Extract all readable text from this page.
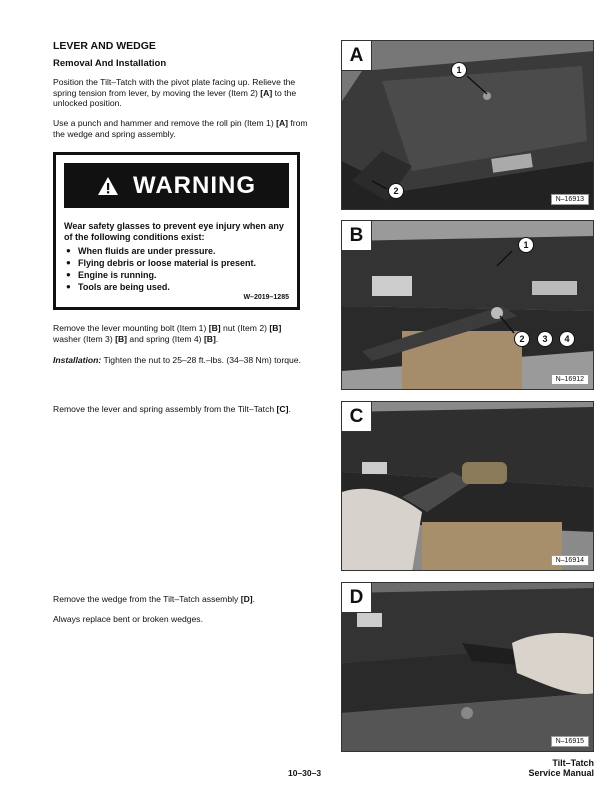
LEVER AND WEDGE
Removal And Installation
Position the Tilt–Tatch with the pivot plate facing up. Relieve the spring tension from lever, by moving the lever (Item 2) [A] to the unlocked position.
Use a punch and hammer and remove the roll pin (Item 1) [A] from the wedge and spring assembly.
WARNING
Wear safety glasses to prevent eye injury when any of the following conditions exist:
● When fluids are under pressure.
● Flying debris or loose material is present.
● Engine is running.
● Tools are being used.
W–2019–1285
Remove the lever mounting bolt (Item 1) [B] nut (Item 2) [B] washer (Item 3) [B] and spring (Item 4) [B].
Installation: Tighten the nut to 25–28 ft.–lbs. (34–38 Nm) torque.
Remove the lever and spring assembly from the Tilt–Tatch [C].
Remove the wedge from the Tilt–Tatch assembly [D].
Always replace bent or broken wedges.
A
1
2
N–16913
B	1
2	3	4
N–16912
C
N–16914
D
N–16915
10–30–3
Tilt–Tatch
Service Manual
